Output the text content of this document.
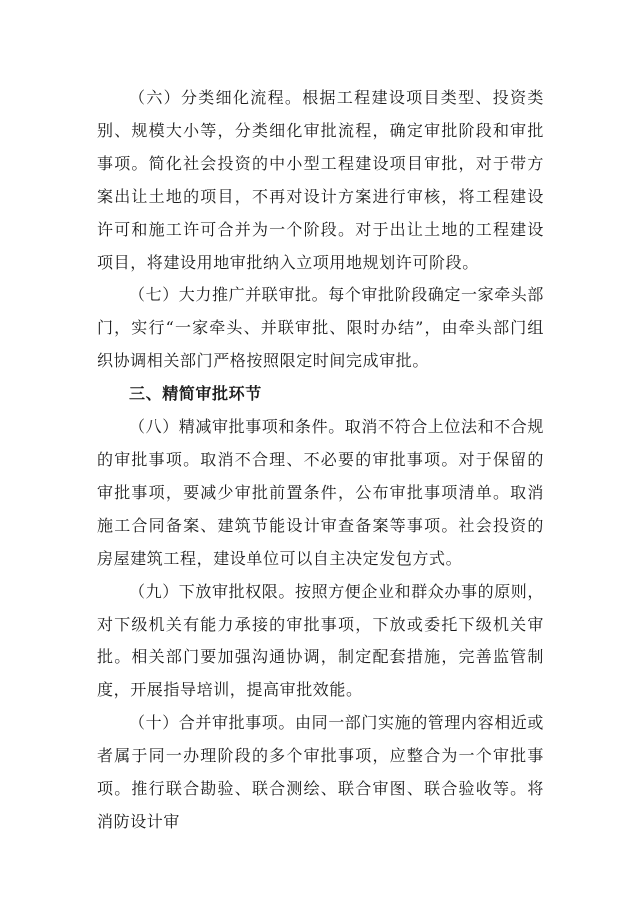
（六）分类细化流程。根据工程建设项目类型、投资类别、规模大小等，分类细化审批流程，确定审批阶段和审批事项。简化社会投资的中小型工程建设项目审批，对于带方案出让土地的项目，不再对设计方案进行审核，将工程建设许可和施工许可合并为一个阶段。对于出让土地的工程建设项目，将建设用地审批纳入立项用地规划许可阶段。

（七）大力推广并联审批。每个审批阶段确定一家牵头部门，实行“一家牵头、并联审批、限时办结”，由牵头部门组织协调相关部门严格按照限定时间完成审批。

三、精简审批环节

（八）精减审批事项和条件。取消不符合上位法和不合规的审批事项。取消不合理、不必要的审批事项。对于保留的审批事项，要减少审批前置条件，公布审批事项清单。取消施工合同备案、建筑节能设计审查备案等事项。社会投资的房屋建筑工程，建设单位可以自主决定发包方式。

（九）下放审批权限。按照方便企业和群众办事的原则，对下级机关有能力承接的审批事项，下放或委托下级机关审批。相关部门要加强沟通协调，制定配套措施，完善监管制度，开展指导培训，提高审批效能。

（十）合并审批事项。由同一部门实施的管理内容相近或者属于同一办理阶段的多个审批事项，应整合为一个审批事项。推行联合勘验、联合测绘、联合审图、联合验收等。将消防设计审
